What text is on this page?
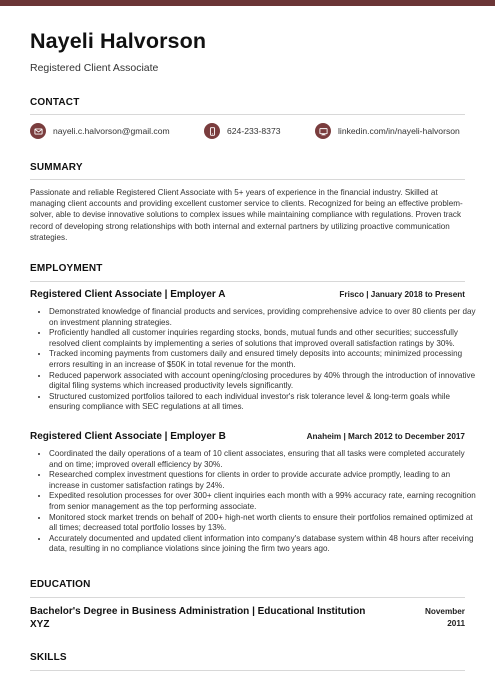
Nayeli Halvorson
Registered Client Associate
CONTACT
nayeli.c.halvorson@gmail.com	624-233-8373	linkedin.com/in/nayeli-halvorson
SUMMARY
Passionate and reliable Registered Client Associate with 5+ years of experience in the financial industry. Skilled at managing client accounts and providing excellent customer service to clients. Recognized for being an effective problem-solver, able to devise innovative solutions to complex issues while maintaining compliance with regulations. Proven track record of developing strong relationships with both internal and external partners by utilizing proactive communication strategies.
EMPLOYMENT
Registered Client Associate | Employer A	Frisco | January 2018 to Present
• Demonstrated knowledge of financial products and services, providing comprehensive advice to over 80 clients per day on investment planning strategies.
• Proficiently handled all customer inquiries regarding stocks, bonds, mutual funds and other securities; successfully resolved client complaints by implementing a series of solutions that improved overall satisfaction ratings by 30%.
• Tracked incoming payments from customers daily and ensured timely deposits into accounts; minimized processing errors resulting in an increase of $50K in total revenue for the month.
• Reduced paperwork associated with account opening/closing procedures by 40% through the introduction of innovative digital filing systems which increased productivity levels significantly.
• Structured customized portfolios tailored to each individual investor's risk tolerance level & long-term goals while ensuring compliance with SEC regulations at all times.
Registered Client Associate | Employer B	Anaheim | March 2012 to December 2017
• Coordinated the daily operations of a team of 10 client associates, ensuring that all tasks were completed accurately and on time; improved overall efficiency by 30%.
• Researched complex investment questions for clients in order to provide accurate advice promptly, leading to an increase in customer satisfaction ratings by 24%.
• Expedited resolution processes for over 300+ client inquiries each month with a 99% accuracy rate, earning recognition from senior management as the top performing associate.
• Monitored stock market trends on behalf of 200+ high-net worth clients to ensure their portfolios remained optimized at all times; decreased total portfolio losses by 13%.
• Accurately documented and updated client information into company's database system within 48 hours after receiving data, resulting in no compliance violations since joining the firm two years ago.
EDUCATION
Bachelor's Degree in Business Administration | Educational Institution XYZ
November
2011
SKILLS
